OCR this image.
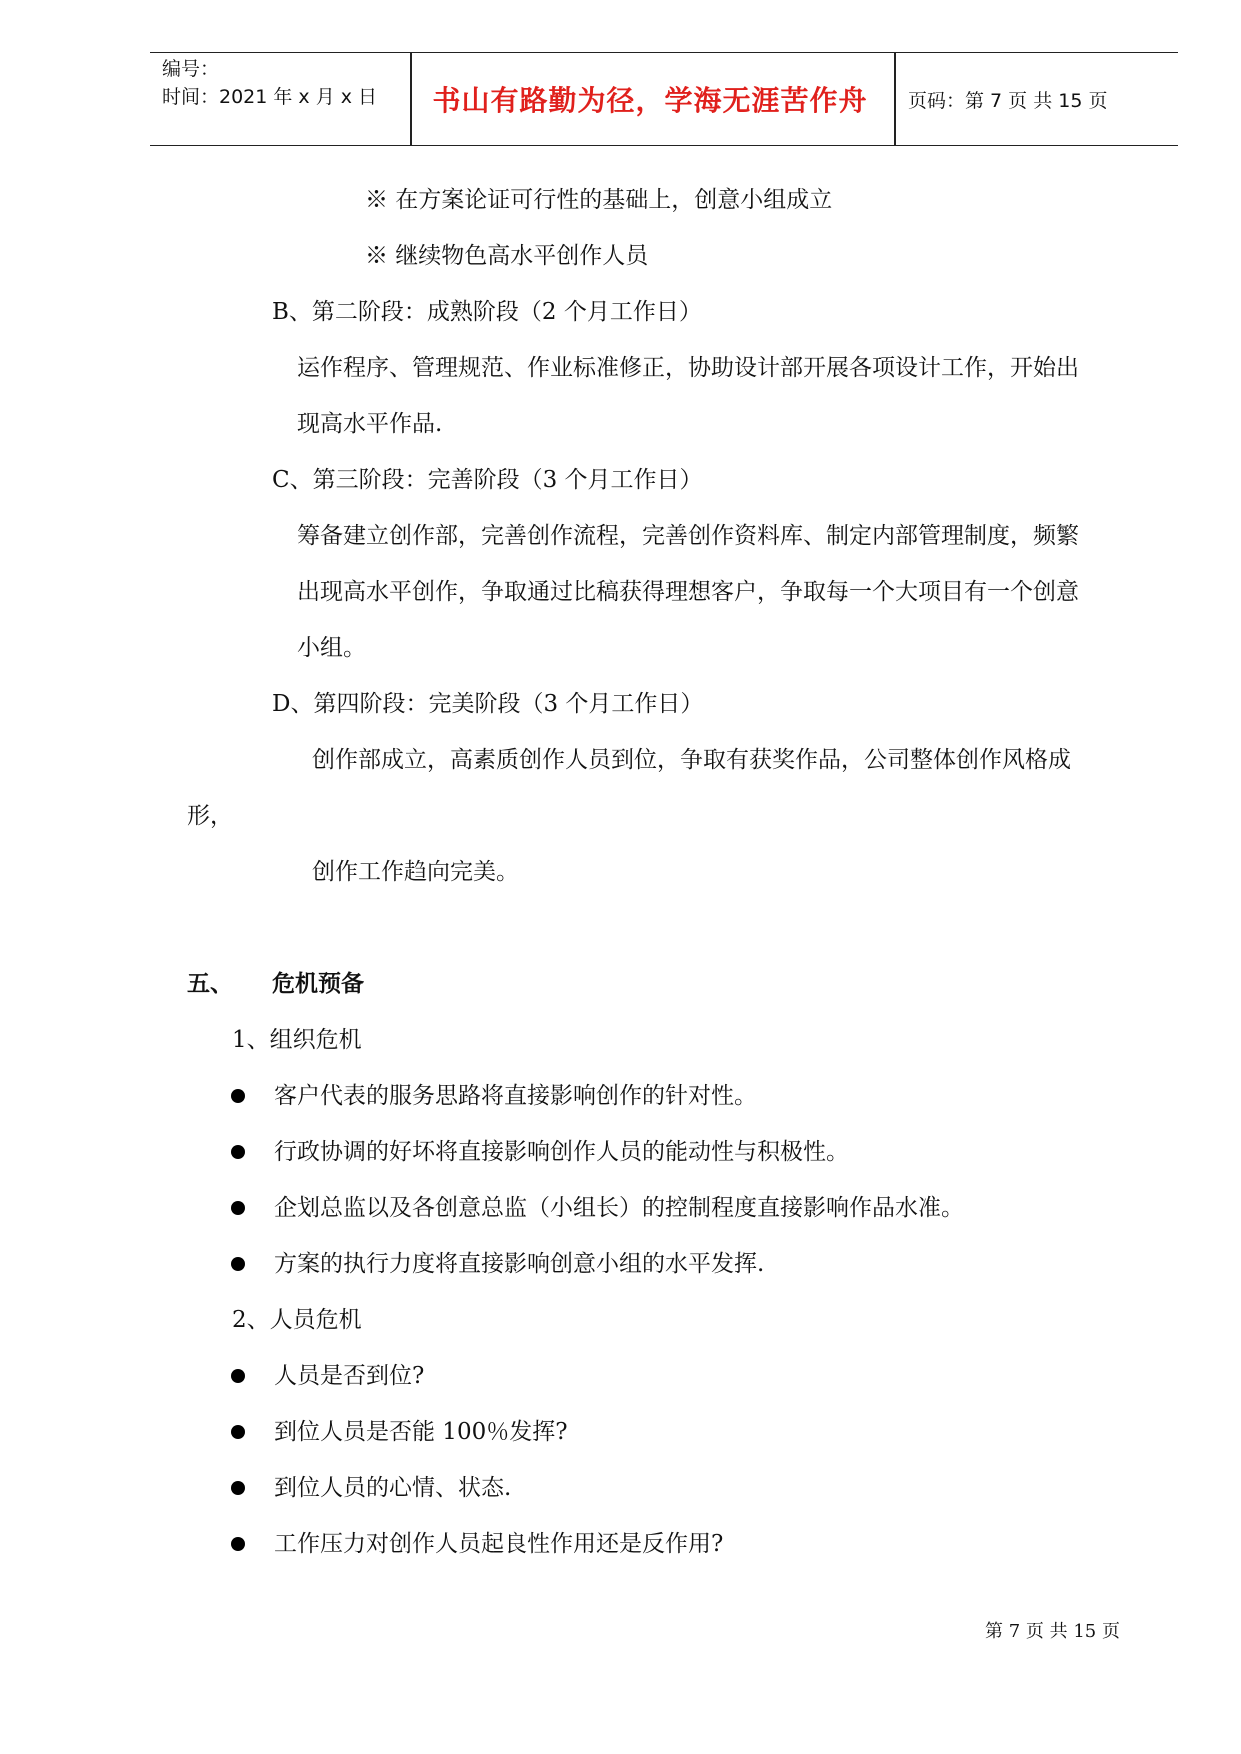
编号：
时间：2021 年 x 月 x 日	书山有路勤为径，学海无涯苦作舟	页码：第 7 页 共 15 页
※ 在方案论证可行性的基础上，创意小组成立
※ 继续物色高水平创作人员
B、第二阶段：成熟阶段（2 个月工作日）
运作程序、管理规范、作业标准修正，协助设计部开展各项设计工作，开始出
现高水平作品.
C、第三阶段：完善阶段（3 个月工作日）
筹备建立创作部，完善创作流程，完善创作资料库、制定内部管理制度，频繁
出现高水平创作，争取通过比稿获得理想客户，争取每一个大项目有一个创意
小组。
D、第四阶段：完美阶段（3 个月工作日）
创作部成立，高素质创作人员到位，争取有获奖作品，公司整体创作风格成
形，
创作工作趋向完美。
五、 危机预备
1、组织危机
客户代表的服务思路将直接影响创作的针对性。
行政协调的好坏将直接影响创作人员的能动性与积极性。
企划总监以及各创意总监（小组长）的控制程度直接影响作品水准。
方案的执行力度将直接影响创意小组的水平发挥.
2、人员危机
人员是否到位?
到位人员是否能 100％发挥?
到位人员的心情、状态.
工作压力对创作人员起良性作用还是反作用?
第 7 页 共 15 页
